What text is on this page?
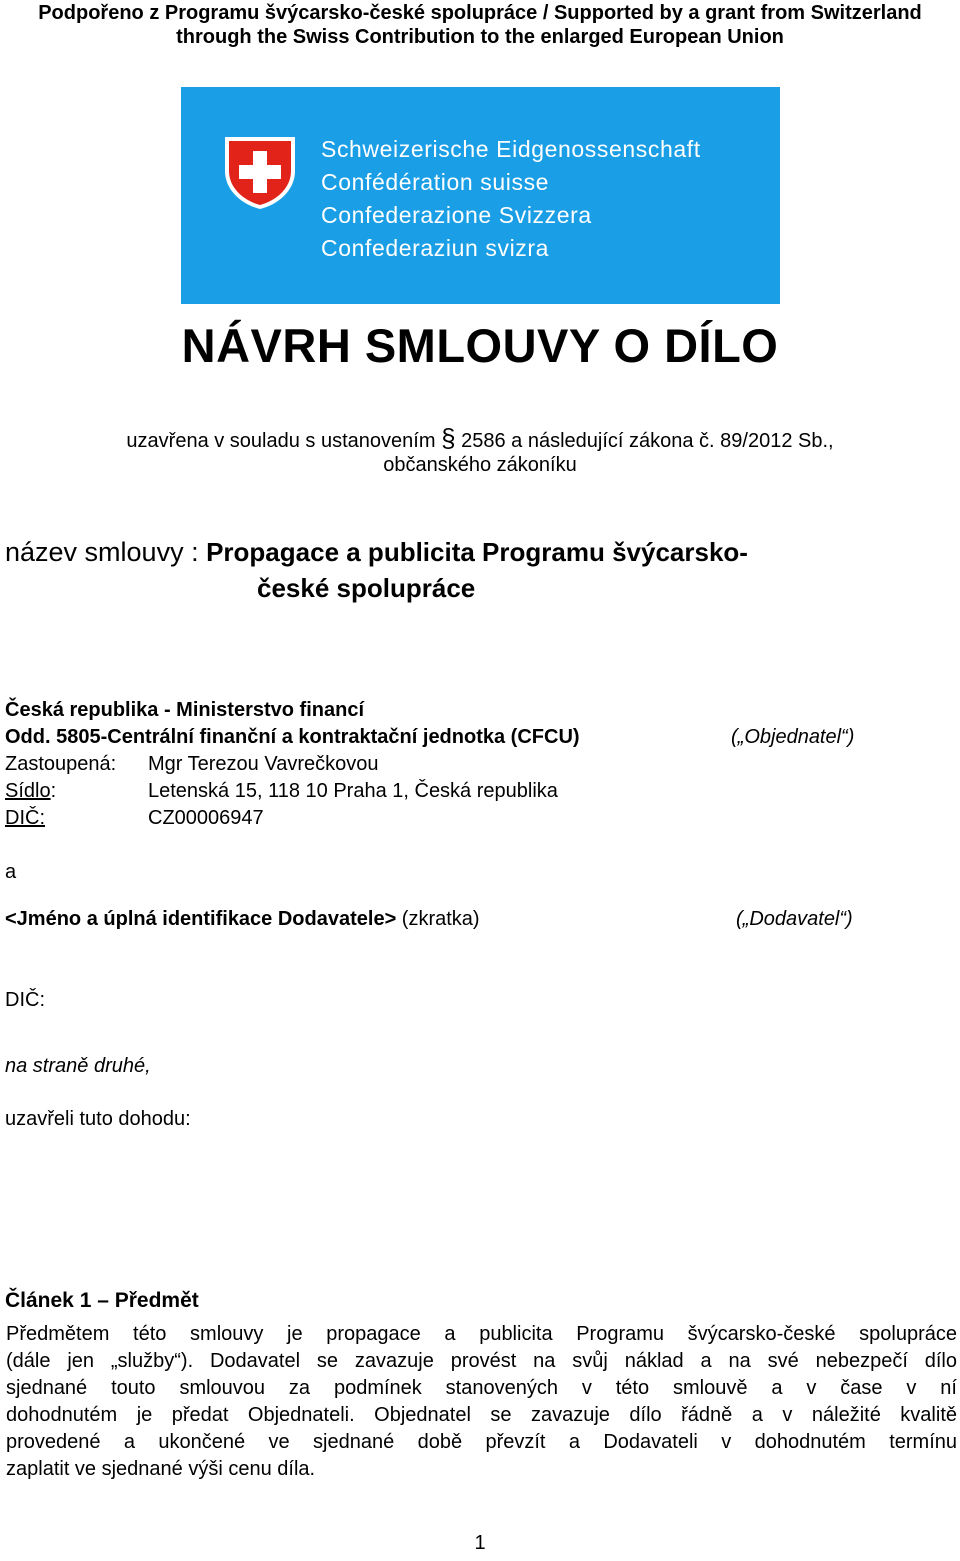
Podpořeno z Programu švýcarsko-české spolupráce / Supported by a grant from Switzerland
through the Swiss Contribution to the enlarged European Union
Schweizerische Eidgenossenschaft
Confédération suisse
Confederazione Svizzera
Confederaziun svizra
NÁVRH SMLOUVY O DÍLO
uzavřena v souladu s ustanovením § 2586 a následující zákona č. 89/2012 Sb.,
občanského zákoníku
název smlouvy : Propagace a publicita Programu švýcarsko-
české spolupráce
Česká republika - Ministerstvo financí
Odd. 5805-Centrální finanční a kontraktační jednotka (CFCU)	(„Objednatel“)
Zastoupená: Mgr Terezou Vavrečkovou
Sídlo:	Letenská 15, 118 10 Praha 1, Česká republika
DIČ:	CZ00006947
a
<Jméno a úplná identifikace Dodavatele> (zkratka)	(„Dodavatel“)
DIČ:
na straně druhé,
uzavřeli tuto dohodu:
Článek 1 – Předmět
Předmětem této smlouvy je propagace a publicita Programu švýcarsko-české spolupráce
(dále jen „služby“). Dodavatel se zavazuje provést na svůj náklad a na své nebezpečí dílo
sjednané touto smlouvou za podmínek stanovených v této smlouvě a v čase v ní
dohodnutém je předat Objednateli. Objednatel se zavazuje dílo řádně a v náležité kvalitě
provedené a ukončené ve sjednané době převzít a Dodavateli v dohodnutém termínu
zaplatit ve sjednané výši cenu díla.
1
